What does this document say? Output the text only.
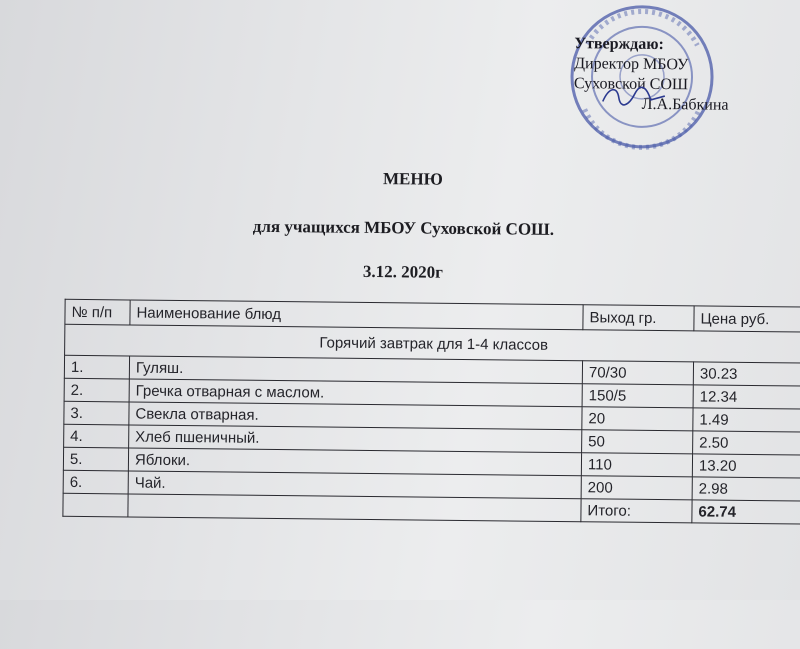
Утверждаю:
Директор МБОУ
Суховской СОШ
Л.А.Бабкина
МЕНЮ
для учащихся МБОУ Суховской СОШ.
3.12. 2020г
№ п/п	Наименование блюд	Выход гр.	Цена руб.
Горячий завтрак для 1-4 классов			
1.	Гуляш.	70/30	30.23
2.	Гречка отварная с маслом.	150/5	12.34
3.	Свекла отварная.	20	1.49
4.	Хлеб пшеничный.	50	2.50
5.	Яблоки.	110	13.20
6.	Чай.	200	2.98
		Итого:	62.74
